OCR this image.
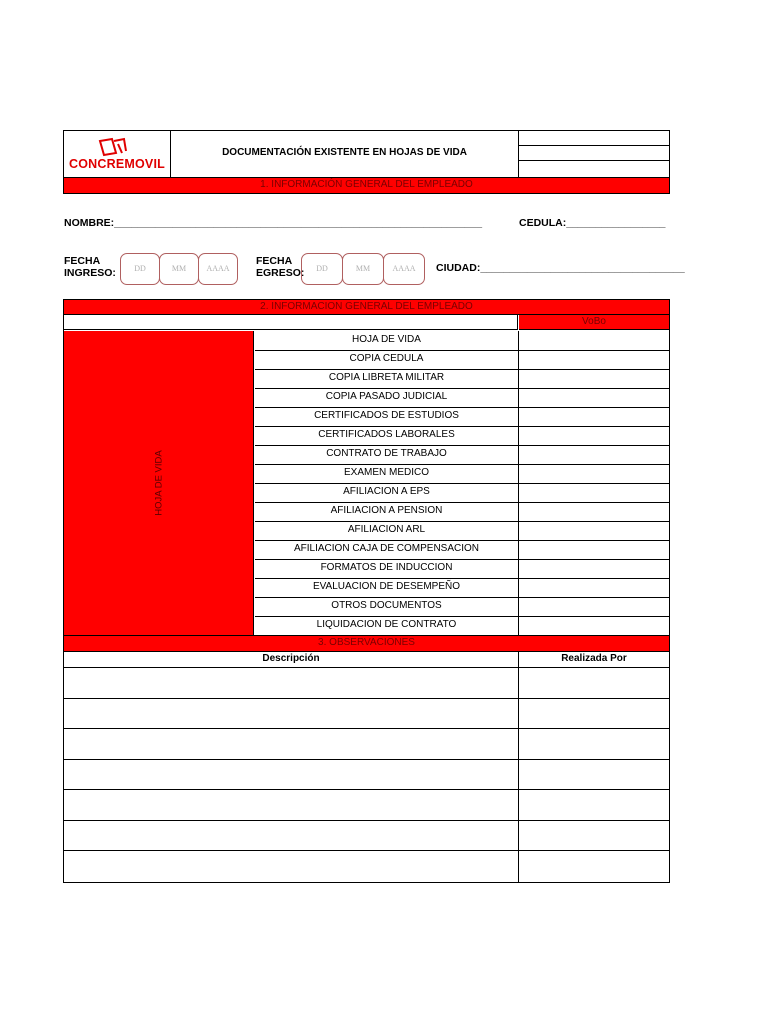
CONCREMOVIL
DOCUMENTACIÓN EXISTENTE EN HOJAS DE VIDA
1. INFORMACIÓN GENERAL DEL EMPLEADO
NOMBRE:_______________________________________________________________	CEDULA:_________________
FECHA
INGRESO:	DD	MM	AAAA
FECHA
EGRESO:	DD	MM	AAAA	CIUDAD:___________________________________
2. INFORMACION GENERAL DEL EMPLEADO
VoBo
HOJA DE VIDA
HOJA DE VIDA
COPIA CEDULA
COPIA LIBRETA MILITAR
COPIA PASADO JUDICIAL
CERTIFICADOS DE ESTUDIOS
CERTIFICADOS LABORALES
CONTRATO DE TRABAJO
EXAMEN MEDICO
AFILIACION A EPS
AFILIACION A PENSION
AFILIACION ARL
AFILIACION CAJA DE COMPENSACION
FORMATOS DE INDUCCION
EVALUACION DE DESEMPEÑO
OTROS DOCUMENTOS
LIQUIDACION DE CONTRATO
3. OBSERVACIONES
Descripción	Realizada Por
